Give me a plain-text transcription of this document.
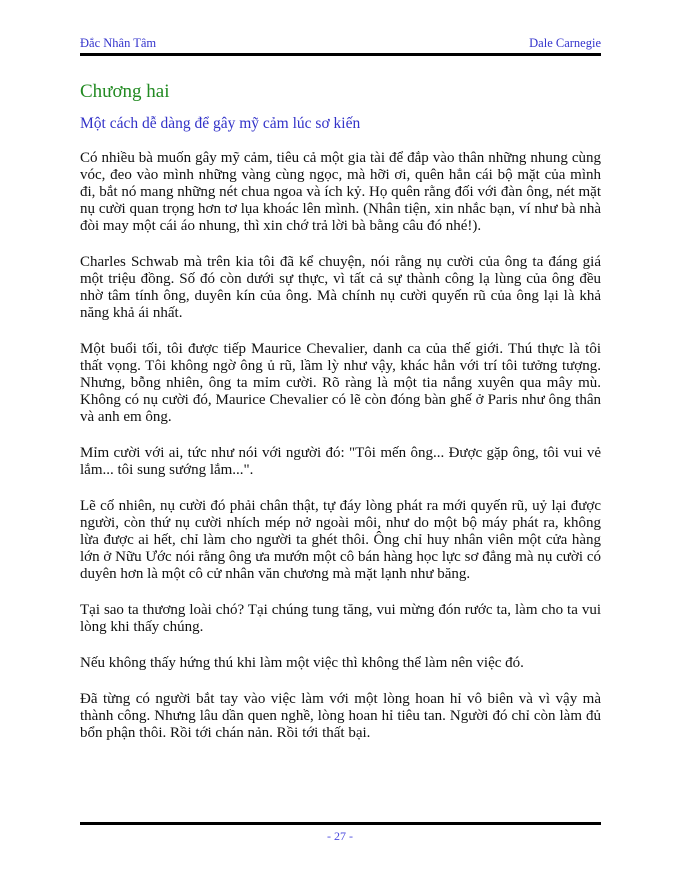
Đắc Nhân Tâm	Dale Carnegie
Chương hai
Một cách dễ dàng để gây mỹ cảm lúc sơ kiến

Có nhiều bà muốn gây mỹ cảm, tiêu cả một gia tài để đắp vào thân những nhung cùng vóc, đeo vào mình những vàng cùng ngọc, mà hỡi ơi, quên hẳn cái bộ mặt của mình đi, bắt nó mang những nét chua ngoa và ích kỷ. Họ quên rằng đối với đàn ông, nét mặt nụ cười quan trọng hơn tơ lụa khoác lên mình. (Nhân tiện, xin nhắc bạn, ví như bà nhà đòi may một cái áo nhung, thì xin chớ trả lời bà bằng câu đó nhé!).

Charles Schwab mà trên kia tôi đã kể chuyện, nói rằng nụ cười của ông ta đáng giá một triệu đồng. Số đó còn dưới sự thực, vì tất cả sự thành công lạ lùng của ông đều nhờ tâm tính ông, duyên kín của ông. Mà chính nụ cười quyến rũ của ông lại là khả năng khả ái nhất.

Một buổi tối, tôi được tiếp Maurice Chevalier, danh ca của thế giới. Thú thực là tôi thất vọng. Tôi không ngờ ông ủ rũ, lầm lỳ như vậy, khác hẳn với trí tôi tưởng tượng. Nhưng, bỗng nhiên, ông ta mỉm cười. Rõ ràng là một tia nắng xuyên qua mây mù. Không có nụ cười đó, Maurice Chevalier có lẽ còn đóng bàn ghế ở Paris như ông thân và anh em ông.

Mỉm cười với ai, tức như nói với người đó: "Tôi mến ông... Được gặp ông, tôi vui vẻ lắm... tôi sung sướng lắm...".

Lẽ cố nhiên, nụ cười đó phải chân thật, tự đáy lòng phát ra mới quyến rũ, uỷ lại được người, còn thứ nụ cười nhích mép nở ngoài môi, như do một bộ máy phát ra, không lừa được ai hết, chỉ làm cho người ta ghét thôi. Ông chỉ huy nhân viên một cửa hàng lớn ở Nữu Ước nói rằng ông ưa mướn một cô bán hàng học lực sơ đẳng mà nụ cười có duyên hơn là một cô cử nhân văn chương mà mặt lạnh như băng.

Tại sao ta thương loài chó? Tại chúng tung tăng, vui mừng đón rước ta, làm cho ta vui lòng khi thấy chúng.

Nếu không thấy hứng thú khi làm một việc thì không thể làm nên việc đó.

Đã từng có người bắt tay vào việc làm với một lòng hoan hỉ vô biên và vì vậy mà thành công. Nhưng lâu dần quen nghề, lòng hoan hỉ tiêu tan. Người đó chỉ còn làm đủ bổn phận thôi. Rồi tới chán nản. Rồi tới thất bại.

- 27 -
